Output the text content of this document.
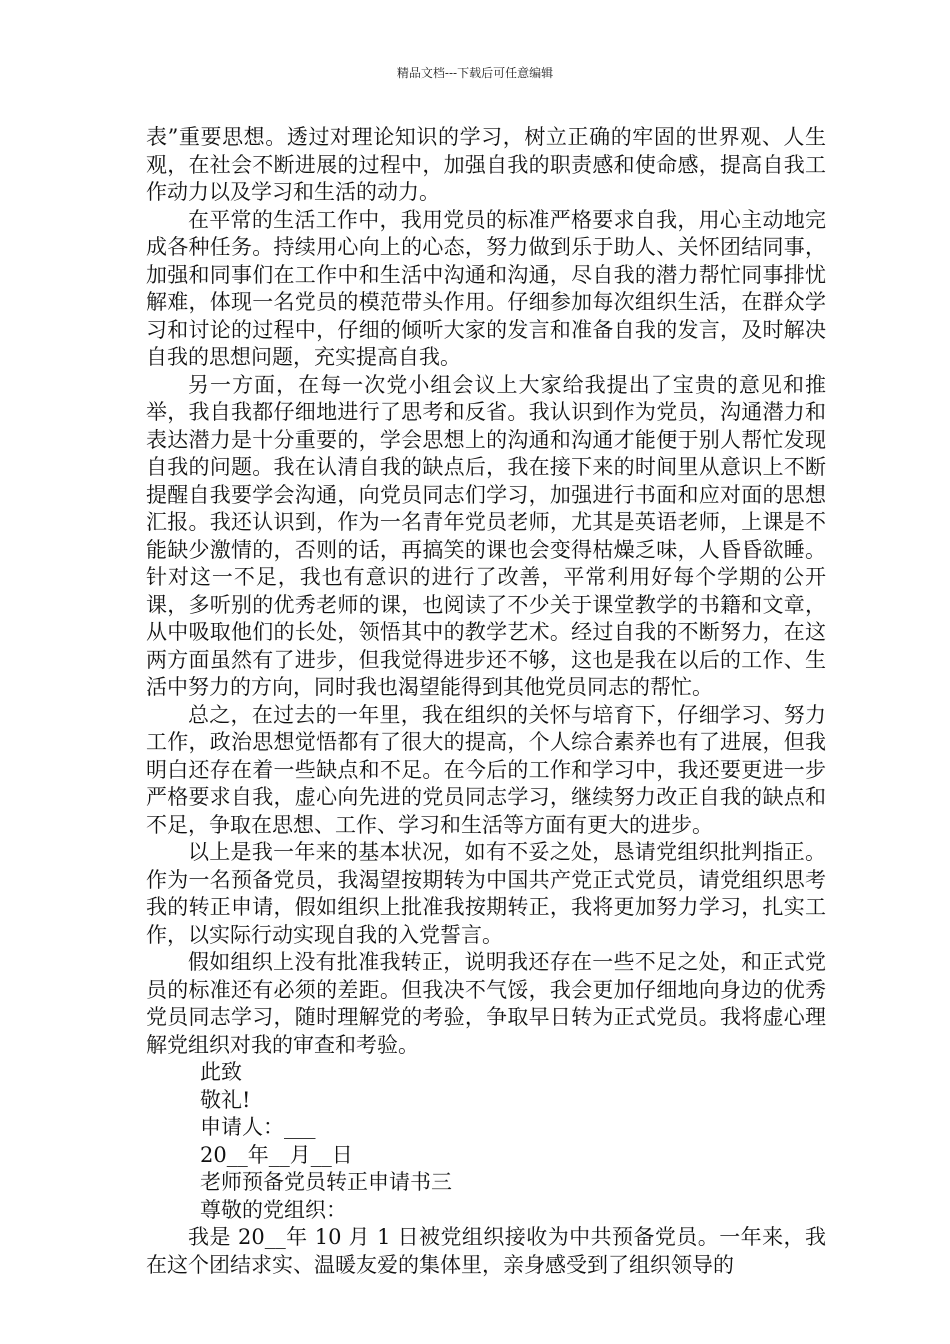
精品文档---下载后可任意编辑

表”重要思想。透过对理论知识的学习，树立正确的牢固的世界观、人生观，在社会不断进展的过程中，加强自我的职责感和使命感，提高自我工作动力以及学习和生活的动力。

在平常的生活工作中，我用党员的标准严格要求自我，用心主动地完成各种任务。持续用心向上的心态，努力做到乐于助人、关怀团结同事，加强和同事们在工作中和生活中沟通和沟通，尽自我的潜力帮忙同事排忧解难，体现一名党员的模范带头作用。仔细参加每次组织生活，在群众学习和讨论的过程中，仔细的倾听大家的发言和准备自我的发言，及时解决自我的思想问题，充实提高自我。

另一方面，在每一次党小组会议上大家给我提出了宝贵的意见和推举，我自我都仔细地进行了思考和反省。我认识到作为党员，沟通潜力和表达潜力是十分重要的，学会思想上的沟通和沟通才能便于别人帮忙发现自我的问题。我在认清自我的缺点后，我在接下来的时间里从意识上不断提醒自我要学会沟通，向党员同志们学习，加强进行书面和应对面的思想汇报。我还认识到，作为一名青年党员老师，尤其是英语老师，上课是不能缺少激情的，否则的话，再搞笑的课也会变得枯燥乏味，人昏昏欲睡。针对这一不足，我也有意识的进行了改善，平常利用好每个学期的公开课，多听别的优秀老师的课，也阅读了不少关于课堂教学的书籍和文章，从中吸取他们的长处，领悟其中的教学艺术。经过自我的不断努力，在这两方面虽然有了进步，但我觉得进步还不够，这也是我在以后的工作、生活中努力的方向，同时我也渴望能得到其他党员同志的帮忙。

总之，在过去的一年里，我在组织的关怀与培育下，仔细学习、努力工作，政治思想觉悟都有了很大的提高，个人综合素养也有了进展，但我明白还存在着一些缺点和不足。在今后的工作和学习中，我还要更进一步严格要求自我，虚心向先进的党员同志学习，继续努力改正自我的缺点和不足，争取在思想、工作、学习和生活等方面有更大的进步。

以上是我一年来的基本状况，如有不妥之处，恳请党组织批判指正。作为一名预备党员，我渴望按期转为中国共产党正式党员，请党组织思考我的转正申请，假如组织上批准我按期转正，我将更加努力学习，扎实工作，以实际行动实现自我的入党誓言。

假如组织上没有批准我转正，说明我还存在一些不足之处，和正式党员的标准还有必须的差距。但我决不气馁，我会更加仔细地向身边的优秀党员同志学习，随时理解党的考验，争取早日转为正式党员。我将虚心理解党组织对我的审查和考验。

此致

敬礼!

申请人：___

20__年__月__日

老师预备党员转正申请书三

尊敬的党组织：

我是 20__年 10 月 1 日被党组织接收为中共预备党员。一年来，我在这个团结求实、温暖友爱的集体里，亲身感受到了组织领导的
